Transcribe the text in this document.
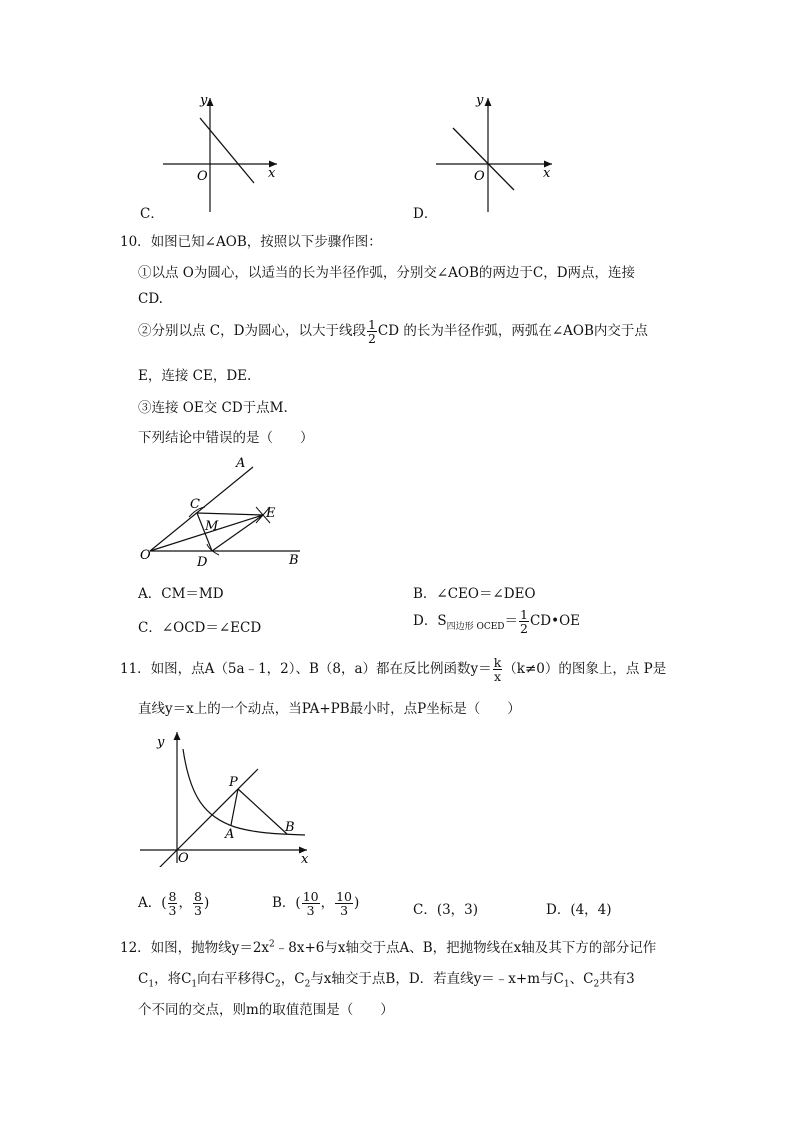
y
x
O
C．
y
x
O
D．
10．如图已知∠AOB，按照以下步骤作图：
①以点 O为圆心，以适当的长为半径作弧，分别交∠AOB的两边于C，D两点，连接
CD.
②分别以点 C，D为圆心，以大于线段 $\frac{1}{2}$ CD 的长为半径作弧，两弧在∠AOB内交于点
E，连接 CE，DE.
③连接 OE交 CD于点M.
下列结论中错误的是（　　）
A
B
C
D
E
M
O
A．CM＝MD	B．∠CEO＝∠DEO
C．∠OCD＝∠ECD	D．$S_{四边形 OCED}= \frac{1}{2}$ CD•OE
11．如图，点A（5a﹣1，2）、B（8，a）都在反比例函数$y= \frac{k}{x} (k\ne 0)$的图象上，点 P是
直线y＝x上的一个动点，当PA+PB最小时，点P坐标是（　　）
y
x
O
P
A	B
A．( $\frac{8}{3}$ ， $\frac{8}{3}$ )	B．( $\frac{10}{3}$ ， $\frac{10}{3}$ )	C．(3，3)	D．(4，4)
12．如图，抛物线$y=2x^2﹣8x+6$与x轴交于点A、B，把抛物线在x轴及其下方的部分记作
$C_1$，将$C_1$向右平移得$C_2$，$C_2$与x轴交于点B，D．若直线y＝﹣x+m与$C_1$、$C_2$共有3
个不同的交点，则m的取值范围是（　　）
